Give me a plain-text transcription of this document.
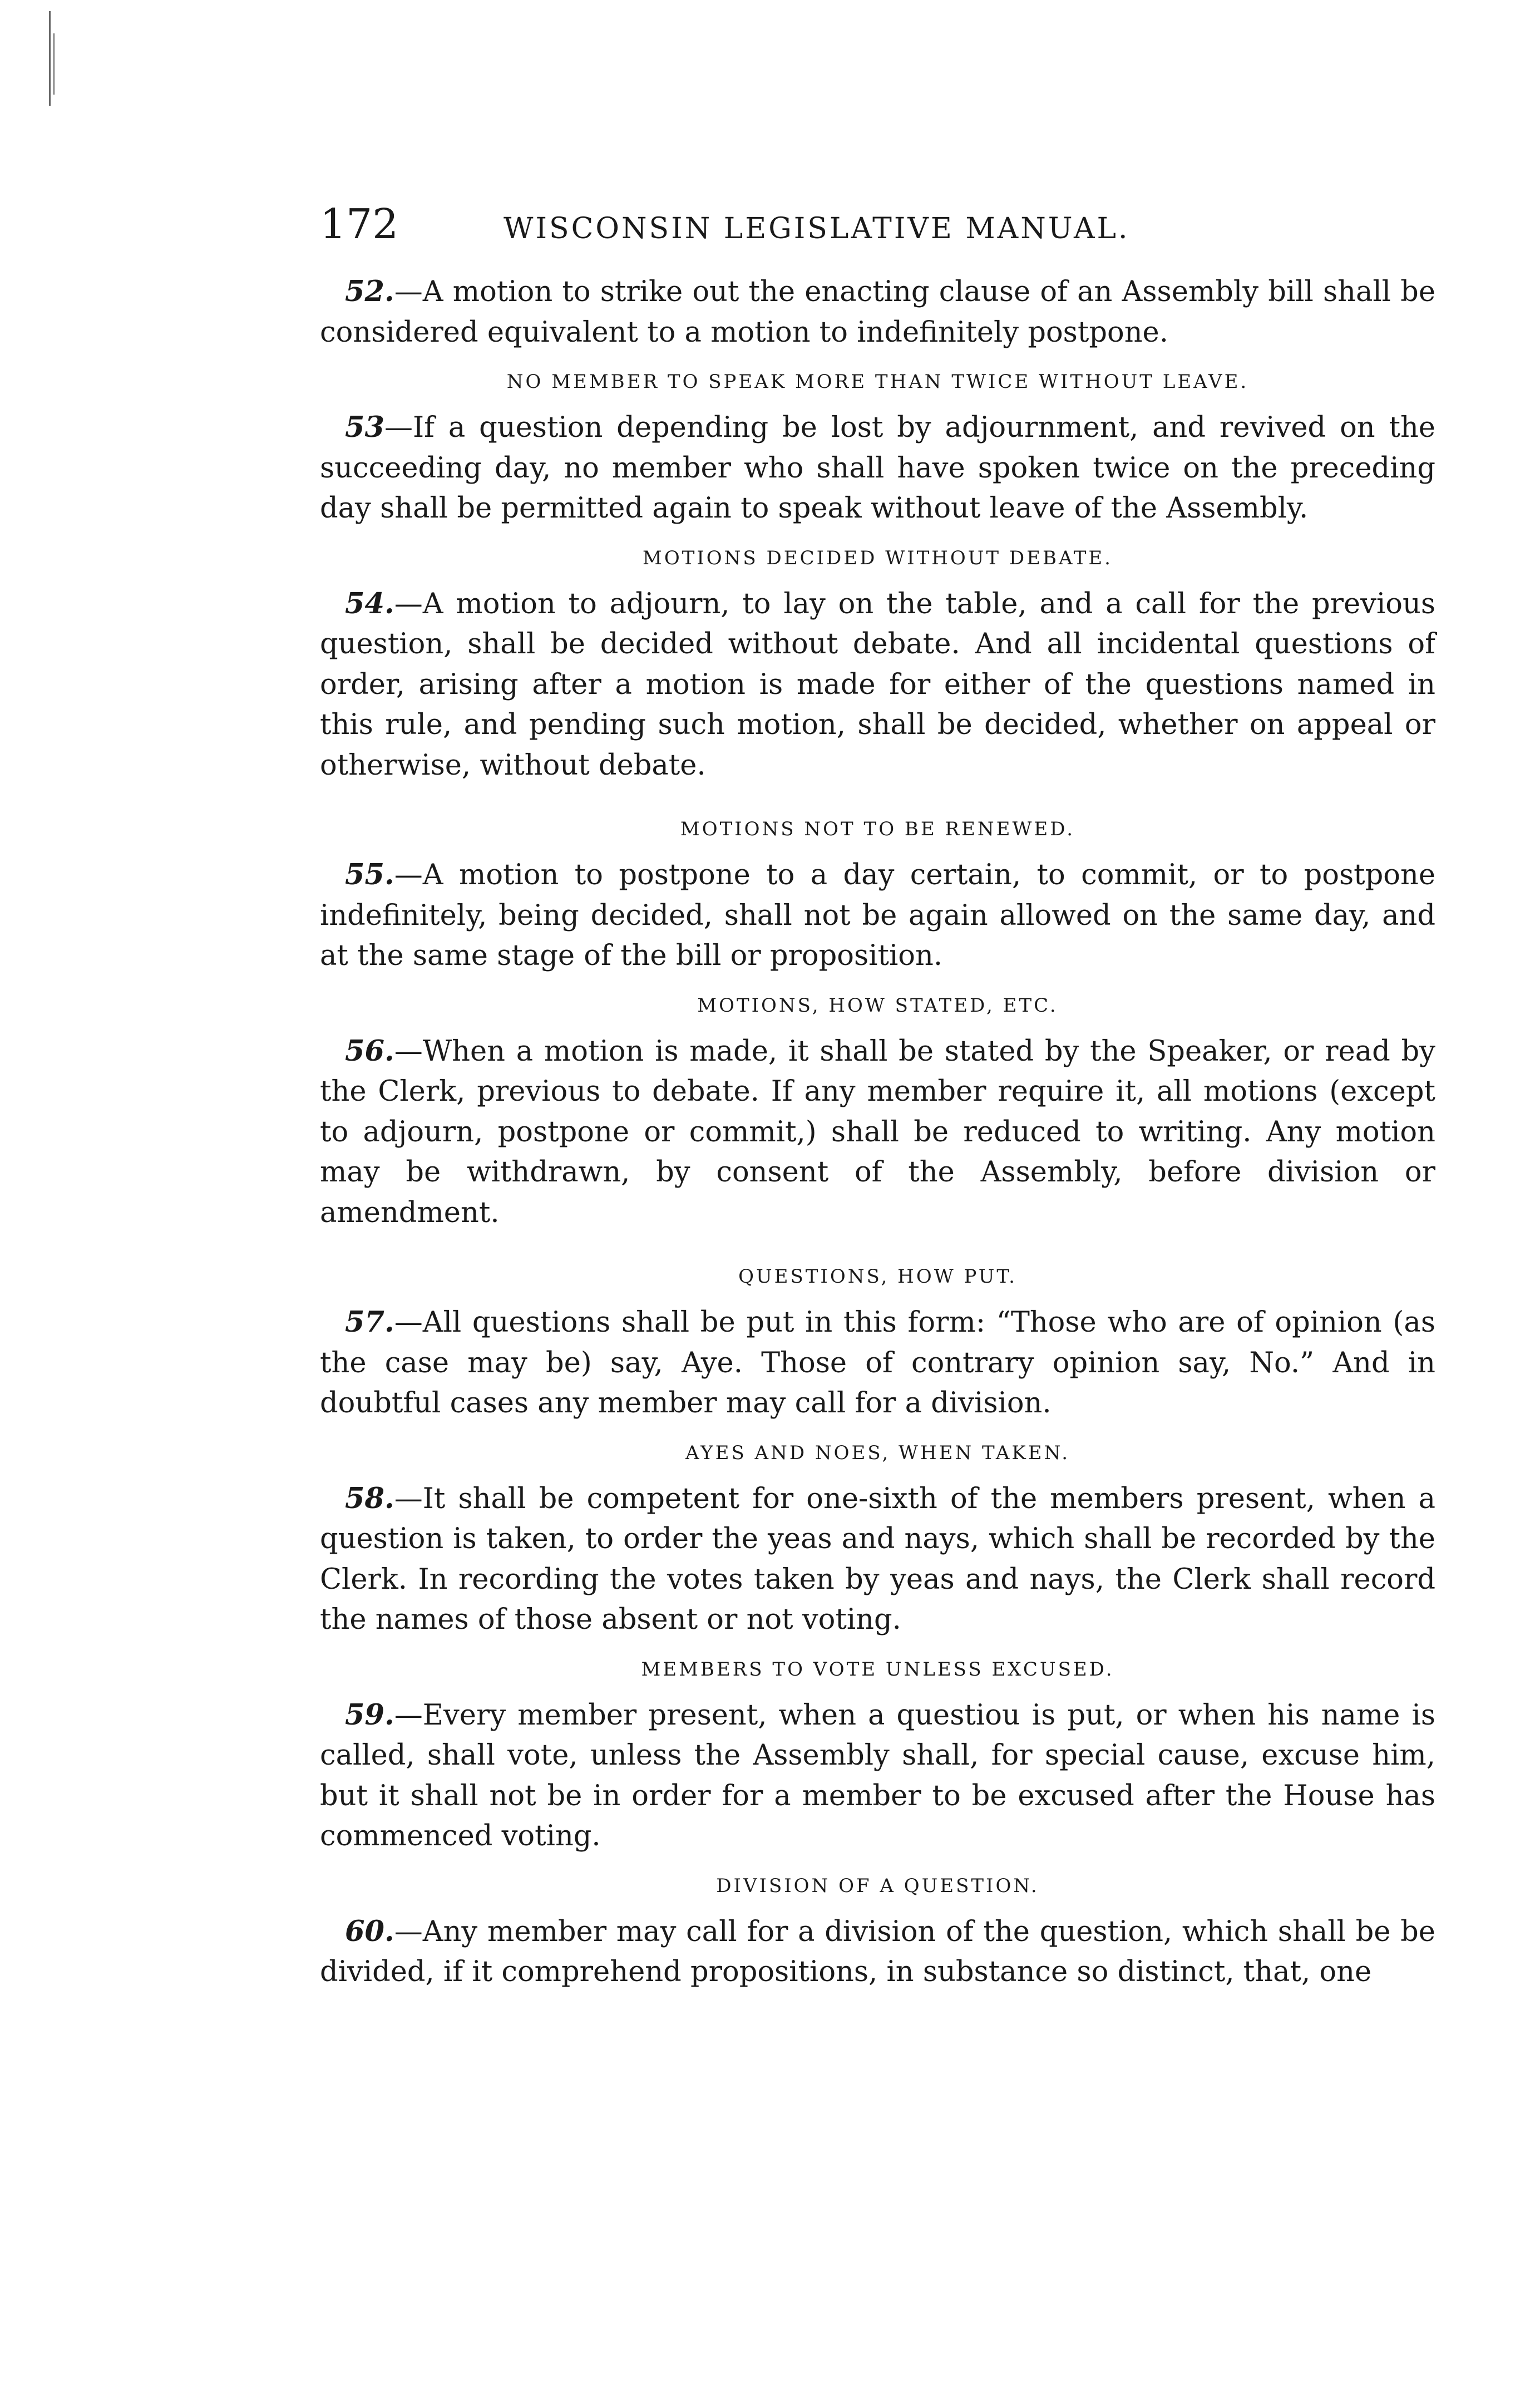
172	WISCONSIN LEGISLATIVE MANUAL.

52.—A motion to strike out the enacting clause of an Assembly bill shall be considered equivalent to a motion to indefinitely postpone.

NO MEMBER TO SPEAK MORE THAN TWICE WITHOUT LEAVE.

53—If a question depending be lost by adjournment, and revived on the succeeding day, no member who shall have spoken twice on the preceding day shall be permitted again to speak without leave of the Assembly.

MOTIONS DECIDED WITHOUT DEBATE.

54.—A motion to adjourn, to lay on the table, and a call for the previous question, shall be decided without debate. And all incidental questions of order, arising after a motion is made for either of the questions named in this rule, and pending such motion, shall be decided, whether on appeal or otherwise, without debate.

MOTIONS NOT TO BE RENEWED.

55.—A motion to postpone to a day certain, to commit, or to postpone indefinitely, being decided, shall not be again allowed on the same day, and at the same stage of the bill or proposition.

MOTIONS, HOW STATED, ETC.

56.—When a motion is made, it shall be stated by the Speaker, or read by the Clerk, previous to debate. If any member require it, all motions (except to adjourn, postpone or commit,) shall be reduced to writing. Any motion may be withdrawn, by consent of the Assembly, before division or amendment.

QUESTIONS, HOW PUT.

57.—All questions shall be put in this form: “Those who are of opinion (as the case may be) say, Aye. Those of contrary opinion say, No.” And in doubtful cases any member may call for a division.

AYES AND NOES, WHEN TAKEN.

58.—It shall be competent for one-sixth of the members present, when a question is taken, to order the yeas and nays, which shall be recorded by the Clerk. In recording the votes taken by yeas and nays, the Clerk shall record the names of those absent or not voting.

MEMBERS TO VOTE UNLESS EXCUSED.

59.—Every member present, when a questiou is put, or when his name is called, shall vote, unless the Assembly shall, for special cause, excuse him, but it shall not be in order for a member to be excused after the House has commenced voting.

DIVISION OF A QUESTION.

60.—Any member may call for a division of the question, which shall be be divided, if it comprehend propositions, in substance so distinct, that, one
